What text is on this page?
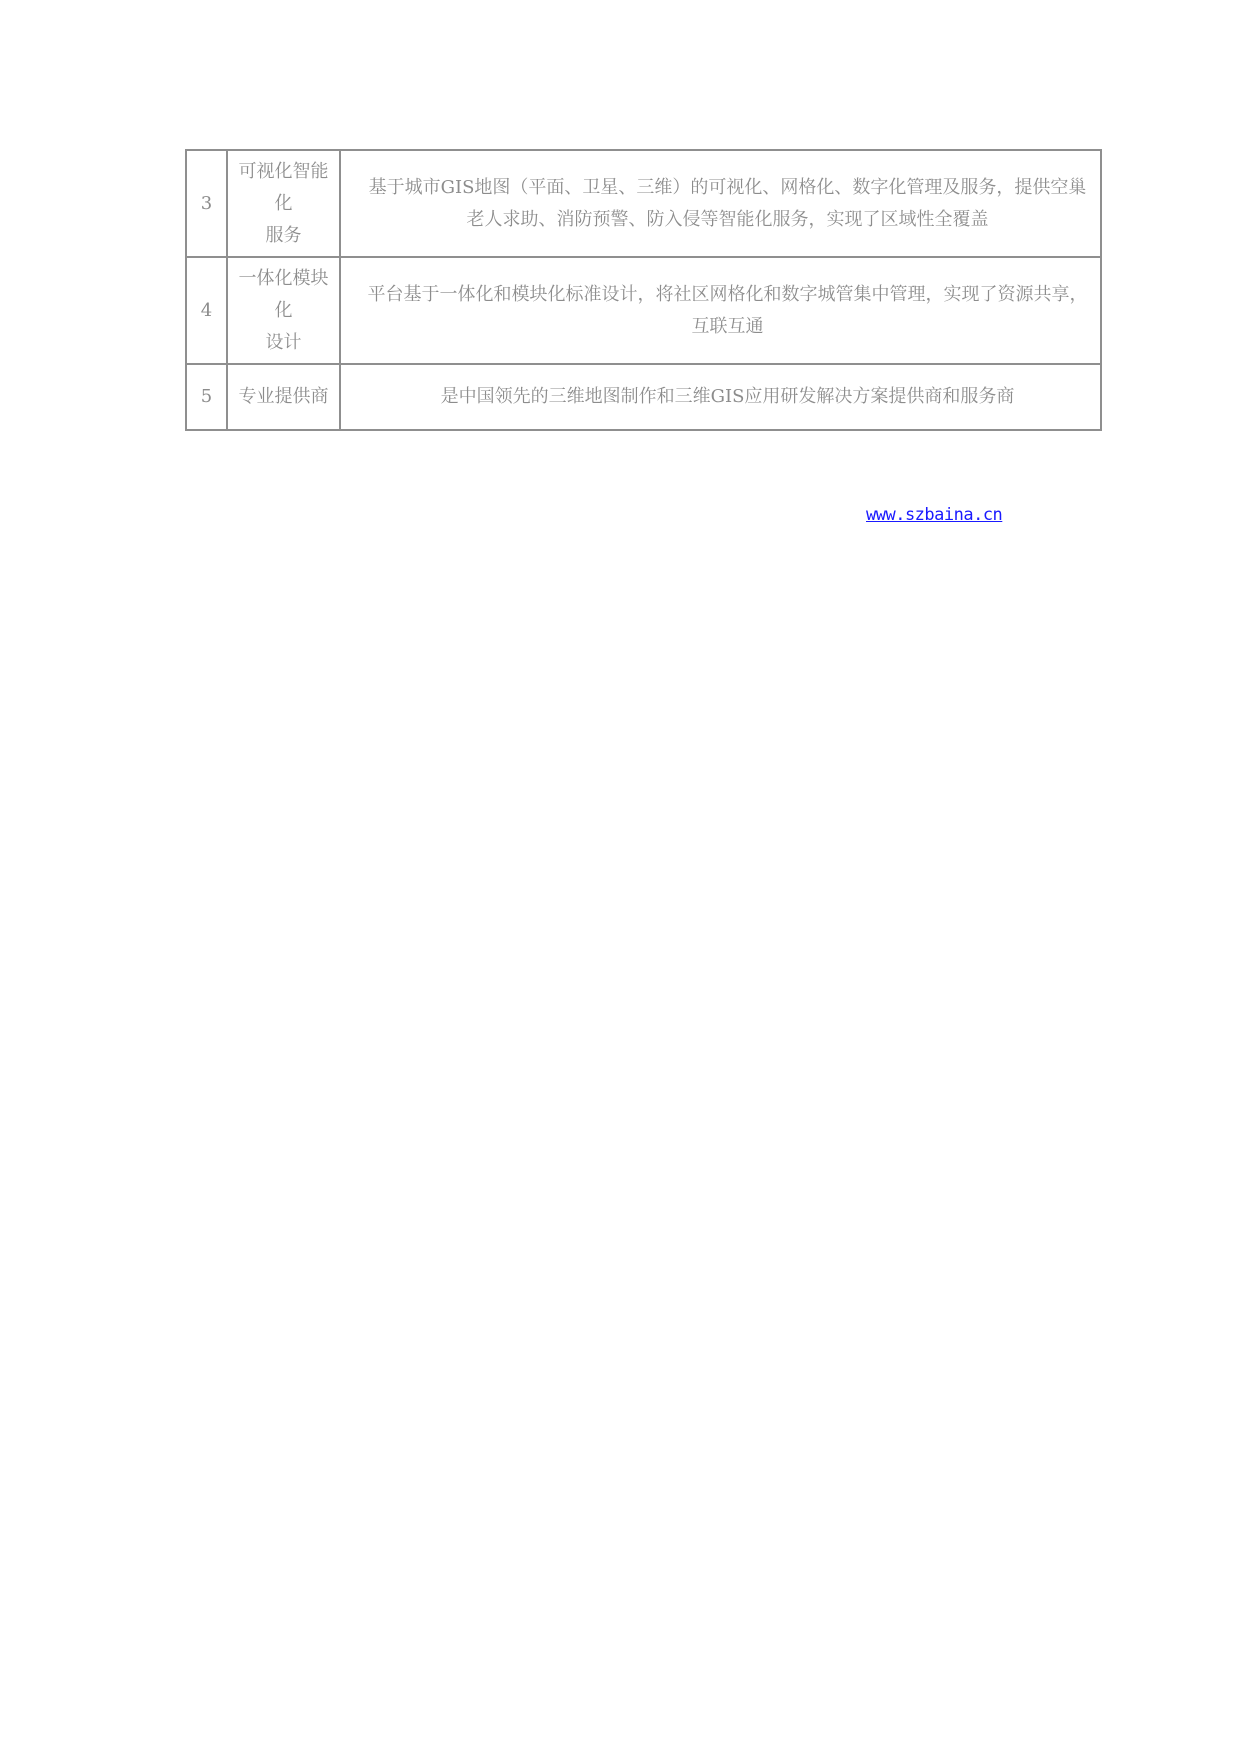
3	可视化智能
化
服务	基于城市GIS地图（平面、卫星、三维）的可视化、网格化、数字化管理及服务，提供空巢
老人求助、消防预警、防入侵等智能化服务，实现了区域性全覆盖

4	一体化模块
化
设计	平台基于一体化和模块化标准设计，将社区网格化和数字城管集中管理，实现了资源共享，
互联互通

5	专业提供商	是中国领先的三维地图制作和三维GIS应用研发解决方案提供商和服务商
www.szbaina.cn
